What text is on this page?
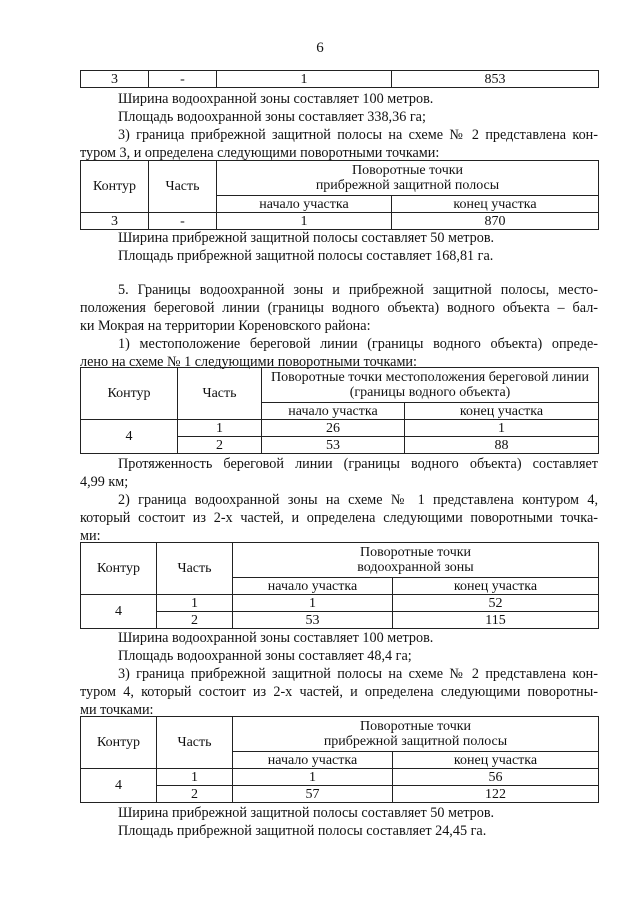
6
3	-	1	853
Ширина водоохранной зоны составляет 100 метров.
Площадь водоохранной зоны составляет 338,36 га;
3) граница прибрежной защитной полосы на схеме № 2 представлена кон-
туром 3, и определена следующими поворотными точками:
Контур	Часть	Поворотные точки
прибрежной защитной полосы	
		начало участка	конец участка
3	-	1	870
Ширина прибрежной защитной полосы составляет 50 метров.
Площадь прибрежной защитной полосы составляет 168,81 га.
5. Границы водоохранной зоны и прибрежной защитной полосы, место-
положения береговой линии (границы водного объекта) водного объекта – бал-
ки Мокрая на территории Кореновского района:
1) местоположение береговой линии (границы водного объекта) опреде-
лено на схеме № 1 следующими поворотными точками:
Контур	Часть	Поворотные точки местоположения береговой линии
(границы водного объекта)	
		начало участка	конец участка
4	1	26	1
	2	53	88
Протяженность береговой линии (границы водного объекта) составляет
4,99 км;
2) граница водоохранной зоны на схеме № 1 представлена контуром 4,
который состоит из 2-х частей, и определена следующими поворотными точка-
ми:
Контур	Часть	Поворотные точки
водоохранной зоны	
		начало участка	конец участка
4	1	1	52
	2	53	115
Ширина водоохранной зоны составляет 100 метров.
Площадь водоохранной зоны составляет 48,4 га;
3) граница прибрежной защитной полосы на схеме № 2 представлена кон-
туром 4, который состоит из 2-х частей, и определена следующими поворотны-
ми точками:
Контур	Часть	Поворотные точки
прибрежной защитной полосы	
		начало участка	конец участка
4	1	1	56
	2	57	122
Ширина прибрежной защитной полосы составляет 50 метров.
Площадь прибрежной защитной полосы составляет 24,45 га.
